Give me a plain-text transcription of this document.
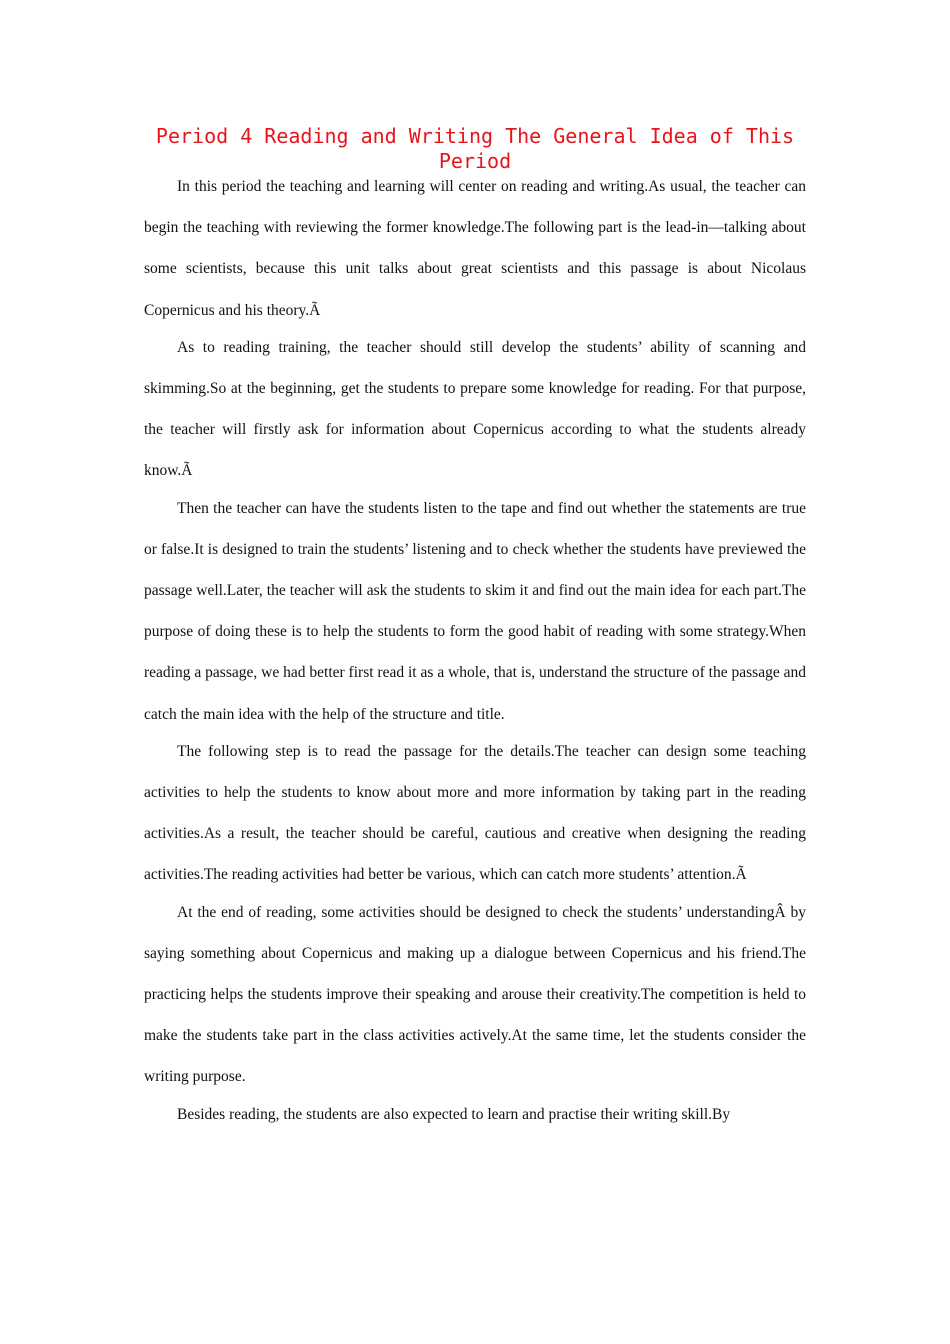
Period 4 Reading and Writing The General Idea of This
Period

In this period the teaching and learning will center on reading and writing.As usual, the teacher can begin the teaching with reviewing the former knowledge.The following part is the lead-in—talking about some scientists, because this unit talks about great scientists and this passage is about Nicolaus Copernicus and his theory.Ã

As to reading training, the teacher should still develop the students’ ability of scanning and skimming.So at the beginning, get the students to prepare some knowledge for reading. For that purpose, the teacher will firstly ask for information about Copernicus according to what the students already know.Ã

Then the teacher can have the students listen to the tape and find out whether the statements are true or false.It is designed to train the students’ listening and to check whether the students have previewed the passage well.Later, the teacher will ask the students to skim it and find out the main idea for each part.The purpose of doing these is to help the students to form the good habit of reading with some strategy.When reading a passage, we had better first read it as a whole, that is, understand the structure of the passage and catch the main idea with the help of the structure and title.

The following step is to read the passage for the details.The teacher can design some teaching activities to help the students to know about more and more information by taking part in the reading activities.As a result, the teacher should be careful, cautious and creative when designing the reading activities.The reading activities had better be various, which can catch more students’ attention.Ã

At the end of reading, some activities should be designed to check the students’ understandingÂ by saying something about Copernicus and making up a dialogue between Copernicus and his friend.The practicing helps the students improve their speaking and arouse their creativity.The competition is held to make the students take part in the class activities actively.At the same time, let the students consider the writing purpose.

Besides reading, the students are also expected to learn and practise their writing skill.By
